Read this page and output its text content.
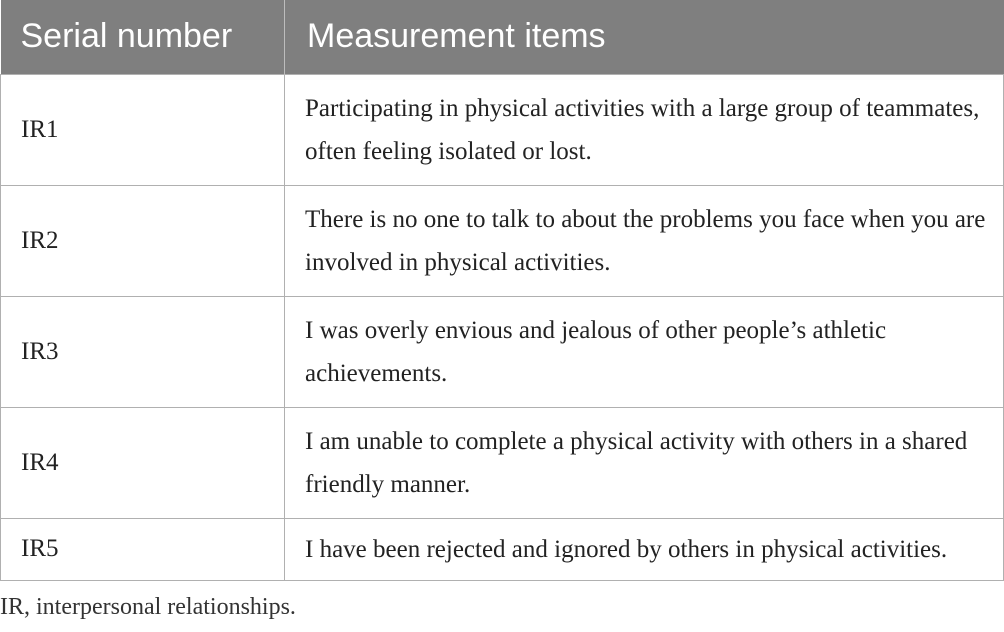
Serial number	Measurement items
IR1	Participating in physical activities with a large group of teammates, often feeling isolated or lost.
IR2	There is no one to talk to about the problems you face when you are involved in physical activities.
IR3	I was overly envious and jealous of other people’s athletic achievements.
IR4	I am unable to complete a physical activity with others in a shared friendly manner.
IR5	I have been rejected and ignored by others in physical activities.
IR, interpersonal relationships.
